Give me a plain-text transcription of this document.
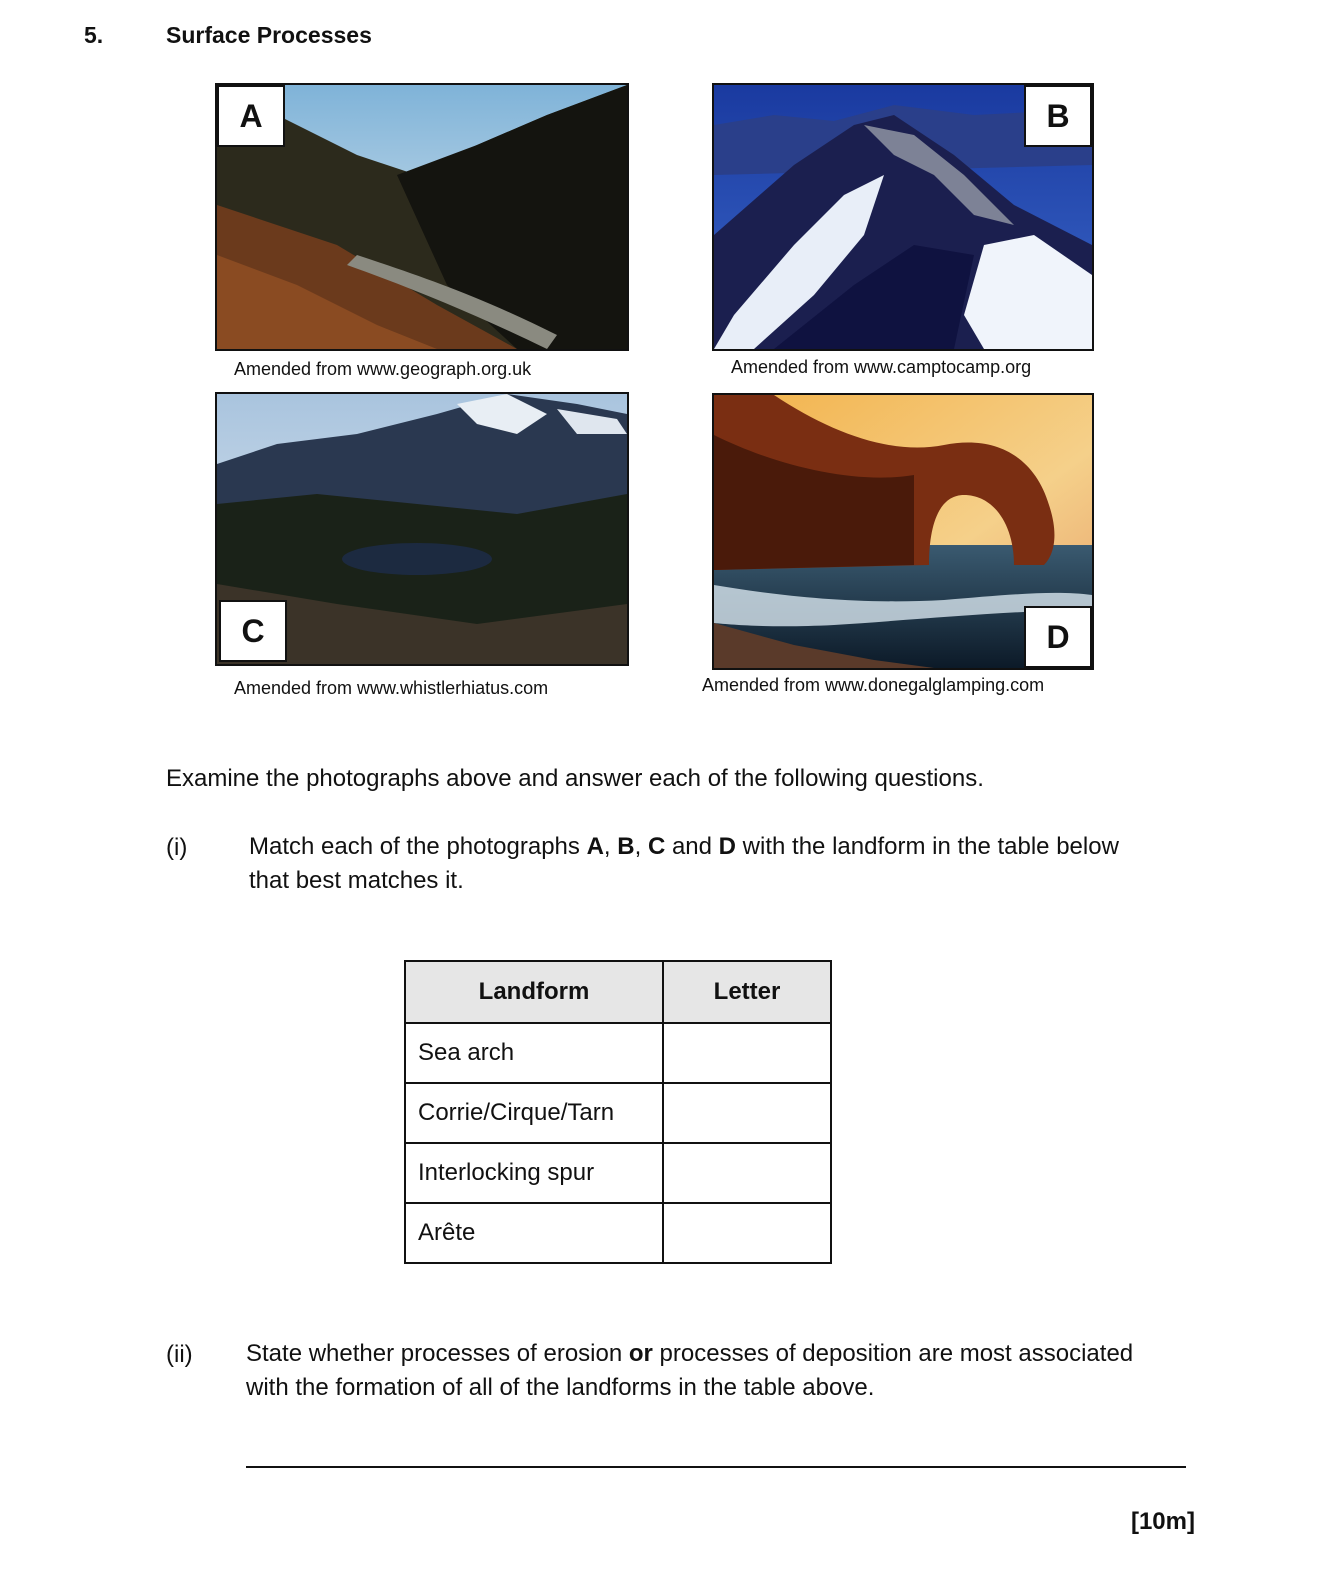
5.	Surface Processes
A
Amended from www.geograph.org.uk
B
Amended from www.camptocamp.org
C
Amended from www.whistlerhiatus.com
D
Amended from www.donegalglamping.com
Examine the photographs above and answer each of the following questions.
(i)	Match each of the photographs A, B, C and D with the landform in the table below
that best matches it.
Landform	Letter
Sea arch	
Corrie/Cirque/Tarn	
Interlocking spur	
Arête	
(ii) State whether processes of erosion or processes of deposition are most associated
with the formation of all of the landforms in the table above.
[10m]
